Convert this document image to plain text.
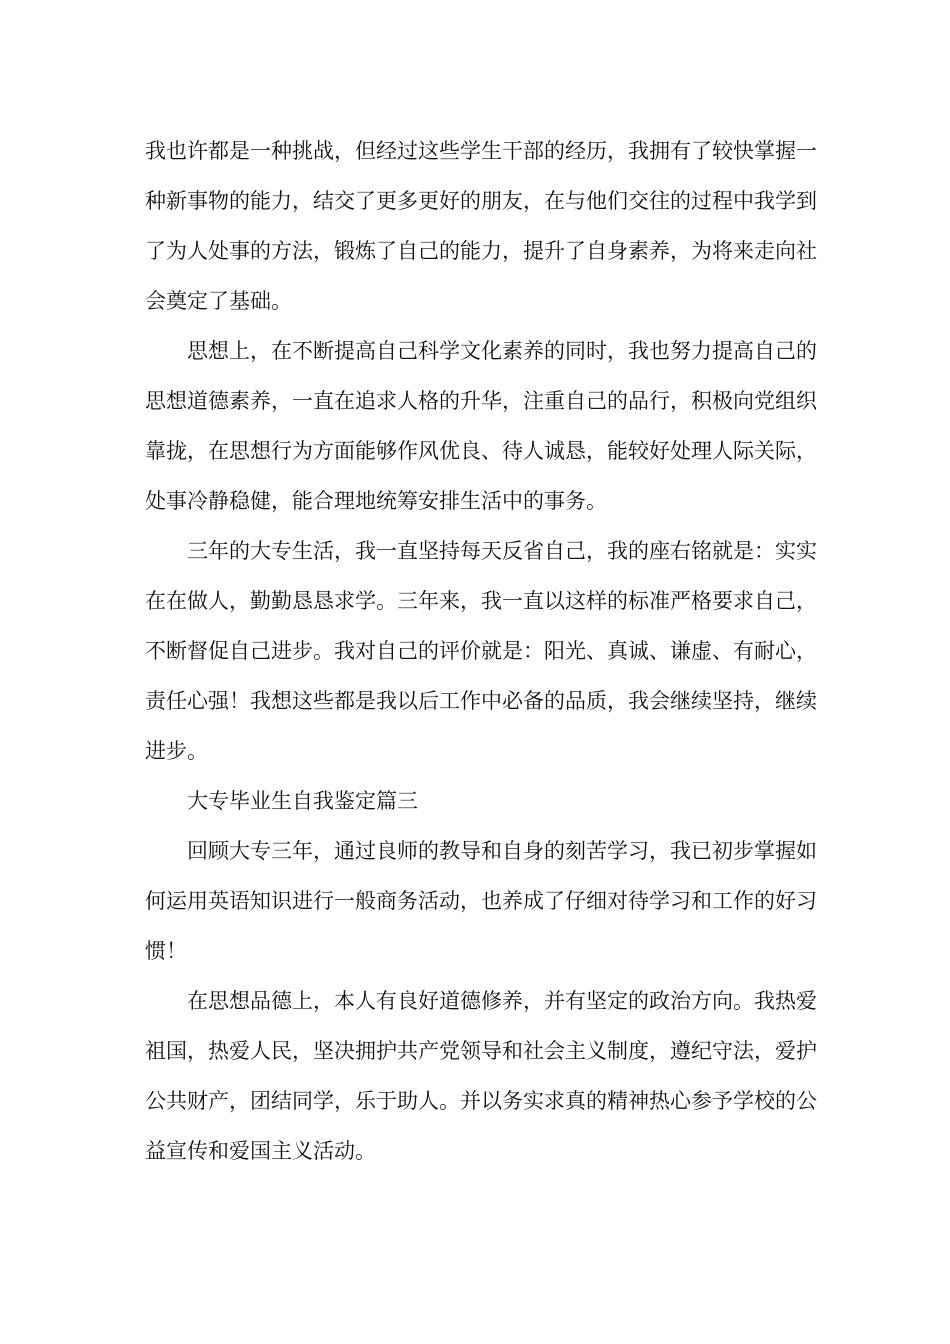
我也许都是一种挑战，但经过这些学生干部的经历，我拥有了较快掌握一种新事物的能力，结交了更多更好的朋友，在与他们交往的过程中我学到了为人处事的方法，锻炼了自己的能力，提升了自身素养，为将来走向社会奠定了基础。

思想上，在不断提高自己科学文化素养的同时，我也努力提高自己的思想道德素养，一直在追求人格的升华，注重自己的品行，积极向党组织靠拢，在思想行为方面能够作风优良、待人诚恳，能较好处理人际关际，处事冷静稳健，能合理地统筹安排生活中的事务。

三年的大专生活，我一直坚持每天反省自己，我的座右铭就是：实实在在做人，勤勤恳恳求学。三年来，我一直以这样的标准严格要求自己，不断督促自己进步。我对自己的评价就是：阳光、真诚、谦虚、有耐心，责任心强！我想这些都是我以后工作中必备的品质，我会继续坚持，继续进步。

大专毕业生自我鉴定篇三

回顾大专三年，通过良师的教导和自身的刻苦学习，我已初步掌握如何运用英语知识进行一般商务活动，也养成了仔细对待学习和工作的好习惯！

在思想品德上，本人有良好道德修养，并有坚定的政治方向。我热爱祖国，热爱人民，坚决拥护共产党领导和社会主义制度，遵纪守法，爱护公共财产，团结同学，乐于助人。并以务实求真的精神热心参予学校的公益宣传和爱国主义活动。
